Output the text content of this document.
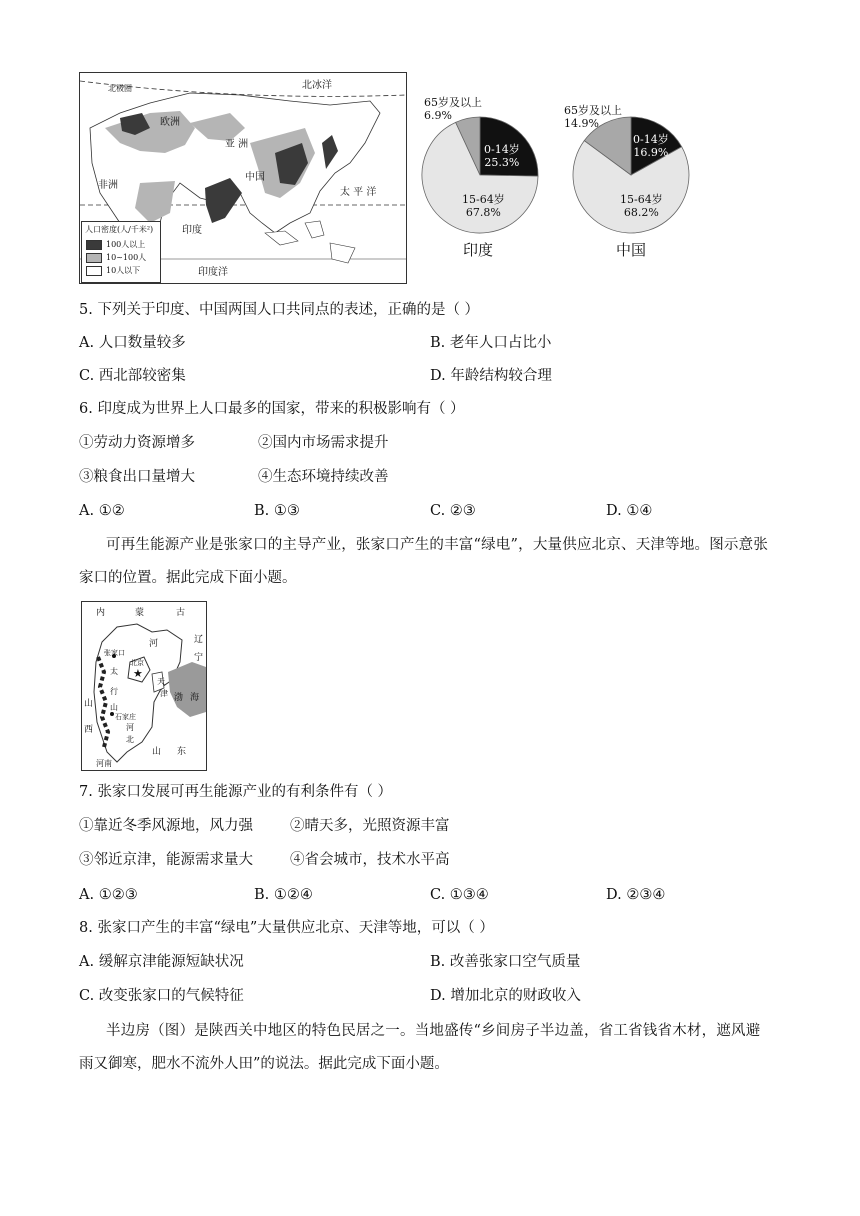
北冰洋
北极圈
欧洲
亚 洲
非洲
中国
印度
太 平 洋
印度洋
人口密度(人/千米²)
100人以上
10~100人
10人以下
65岁及以上
6.9%
0-14岁
25.3%
15-64岁
67.8%
印度
65岁及以上
14.9%
0-14岁
16.9%
15-64岁
68.2%
中国
5. 下列关于印度、中国两国人口共同点的表述，正确的是（ ）
A. 人口数量较多	B. 老年人口占比小
C. 西北部较密集	D. 年龄结构较合理
6. 印度成为世界上人口最多的国家，带来的积极影响有（ ）
①劳动力资源增多	②国内市场需求提升
③粮食出口量增大	④生态环境持续改善
A. ①②	B. ①③	C. ②③	D. ①④
可再生能源产业是张家口的主导产业，张家口产生的丰富“绿电”，大量供应北京、天津等地。图示意张
家口的位置。据此完成下面小题。
★
内	蒙	古
辽
宁
河
张家口
北京
天
津 渤 海
太
行
山
石家庄
山
西	河
北
山 东
河南
7. 张家口发展可再生能源产业的有利条件有（ ）
①靠近冬季风源地，风力强	②晴天多，光照资源丰富
③邻近京津，能源需求量大	④省会城市，技术水平高
A. ①②③	B. ①②④	C. ①③④	D. ②③④
8. 张家口产生的丰富“绿电”大量供应北京、天津等地，可以（ ）
A. 缓解京津能源短缺状况	B. 改善张家口空气质量
C. 改变张家口的气候特征	D. 增加北京的财政收入
半边房（图）是陕西关中地区的特色民居之一。当地盛传“乡间房子半边盖，省工省钱省木材，遮风避
雨又御寒，肥水不流外人田”的说法。据此完成下面小题。
